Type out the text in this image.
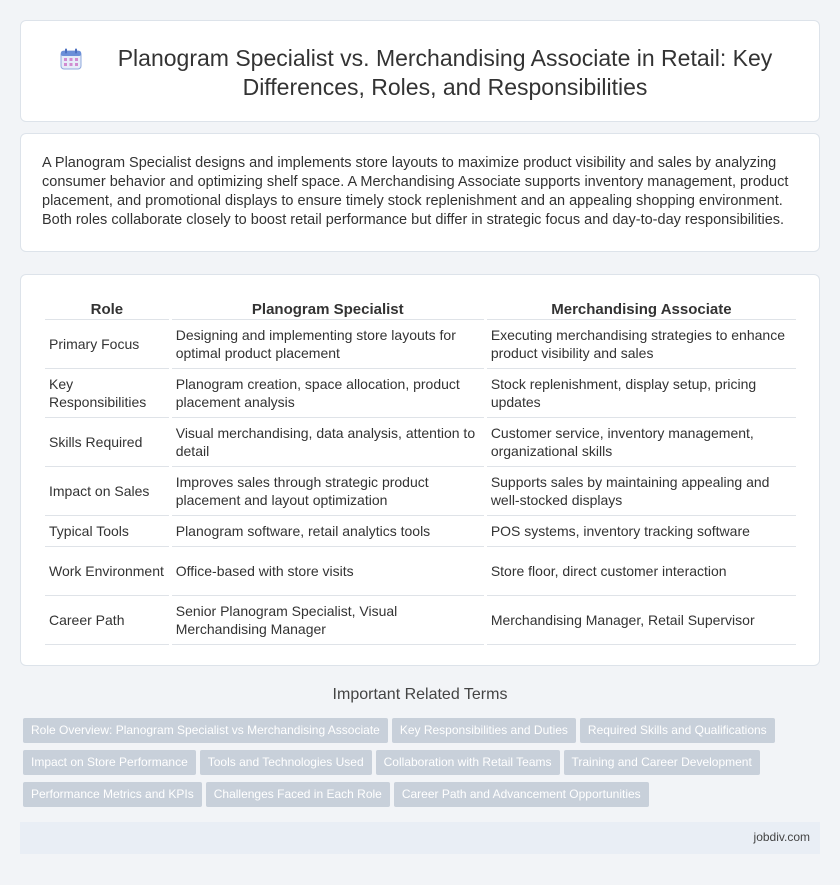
Planogram Specialist vs. Merchandising Associate in Retail: Key Differences, Roles, and Responsibilities

A Planogram Specialist designs and implements store layouts to maximize product visibility and sales by analyzing consumer behavior and optimizing shelf space. A Merchandising Associate supports inventory management, product placement, and promotional displays to ensure timely stock replenishment and an appealing shopping environment. Both roles collaborate closely to boost retail performance but differ in strategic focus and day-to-day responsibilities.

Role	Planogram Specialist	Merchandising Associate
Primary Focus	Designing and implementing store layouts for optimal product placement	Executing merchandising strategies to enhance product visibility and sales
Key Responsibilities	Planogram creation, space allocation, product placement analysis	Stock replenishment, display setup, pricing updates
Skills Required	Visual merchandising, data analysis, attention to detail	Customer service, inventory management, organizational skills
Impact on Sales	Improves sales through strategic product placement and layout optimization	Supports sales by maintaining appealing and well-stocked displays
Typical Tools	Planogram software, retail analytics tools	POS systems, inventory tracking software
Work Environment	Office-based with store visits	Store floor, direct customer interaction
Career Path	Senior Planogram Specialist, Visual Merchandising Manager	Merchandising Manager, Retail Supervisor
Important Related Terms
Role Overview: Planogram Specialist vs Merchandising Associate Key Responsibilities and Duties Required Skills and Qualifications
Impact on Store Performance Tools and Technologies Used Collaboration with Retail Teams Training and Career Development
Performance Metrics and KPIs Challenges Faced in Each Role Career Path and Advancement Opportunities
jobdiv.com
